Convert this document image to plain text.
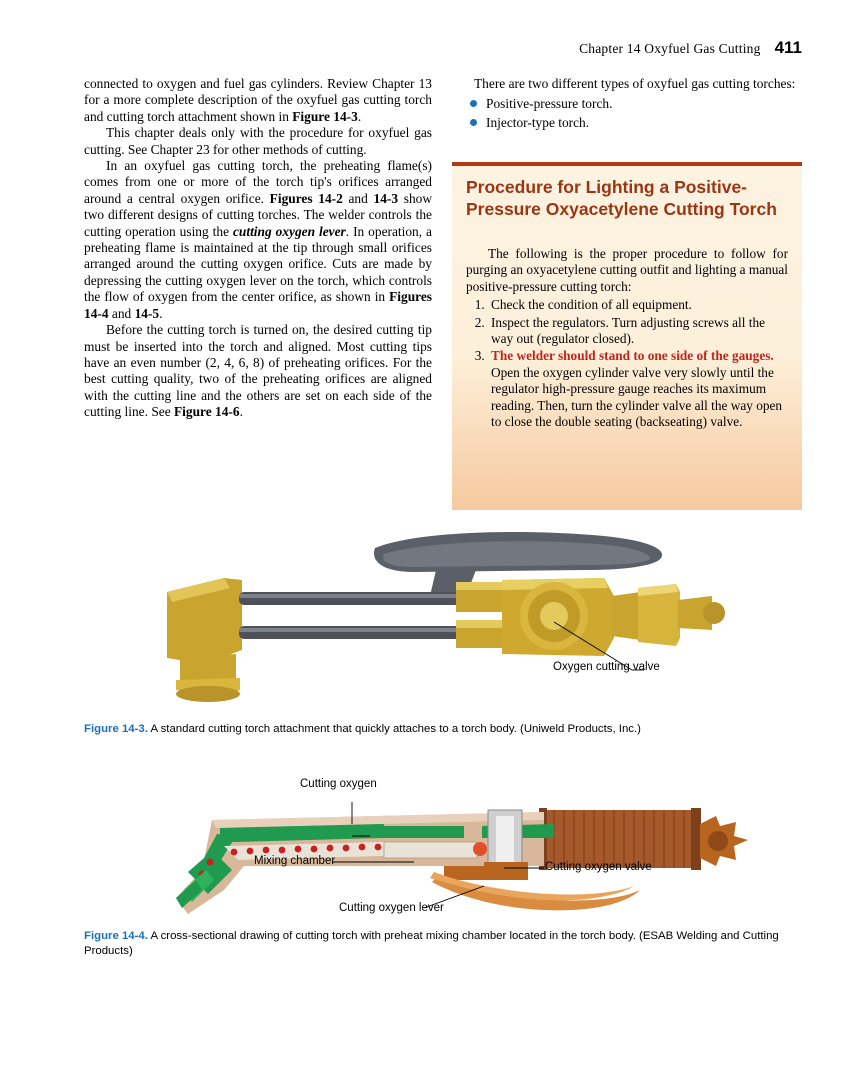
Chapter 14 Oxyfuel Gas Cutting 411

connected to oxygen and fuel gas cylinders. Review Chapter 13 for a more complete description of the oxyfuel gas cutting torch and cutting torch attachment shown in Figure 14-3.

This chapter deals only with the procedure for oxyfuel gas cutting. See Chapter 23 for other methods of cutting.

In an oxyfuel gas cutting torch, the preheating flame(s) comes from one or more of the torch tip's orifices arranged around a central oxygen orifice. Figures 14-2 and 14-3 show two different designs of cutting torches. The welder controls the cutting operation using the cutting oxygen lever. In operation, a preheating flame is maintained at the tip through small orifices arranged around the cutting oxygen orifice. Cuts are made by depressing the cutting oxygen lever on the torch, which controls the flow of oxygen from the center orifice, as shown in Figures 14-4 and 14-5.

Before the cutting torch is turned on, the desired cutting tip must be inserted into the torch and aligned. Most cutting tips have an even number (2, 4, 6, 8) of preheating orifices. For the best cutting quality, two of the preheating orifices are aligned with the cutting line and the others are set on each side of the cutting line. See Figure 14-6.

There are two different types of oxyfuel gas cutting torches:

Positive-pressure torch.
Injector-type torch.
Procedure for Lighting a Positive-Pressure Oxyacetylene Cutting Torch

The following is the proper procedure to follow for purging an oxyacetylene cutting outfit and lighting a manual positive-pressure cutting torch:

1. Check the condition of all equipment.
2. Inspect the regulators. Turn adjusting screws all the way out (regulator closed).
3. The welder should stand to one side of the gauges. Open the oxygen cylinder valve very slowly until the regulator high-pressure gauge reaches its maximum reading. Then, turn the cylinder valve all the way open to close the double seating (backseating) valve.
Oxygen cutting valve
Figure 14-3. A standard cutting torch attachment that quickly attaches to a torch body. (Uniweld Products, Inc.)
Cutting oxygen
Mixing chamber	Cutting oxygen valve
Cutting oxygen lever
Figure 14-4. A cross-sectional drawing of cutting torch with preheat mixing chamber located in the torch body. (ESAB Welding and Cutting Products)
